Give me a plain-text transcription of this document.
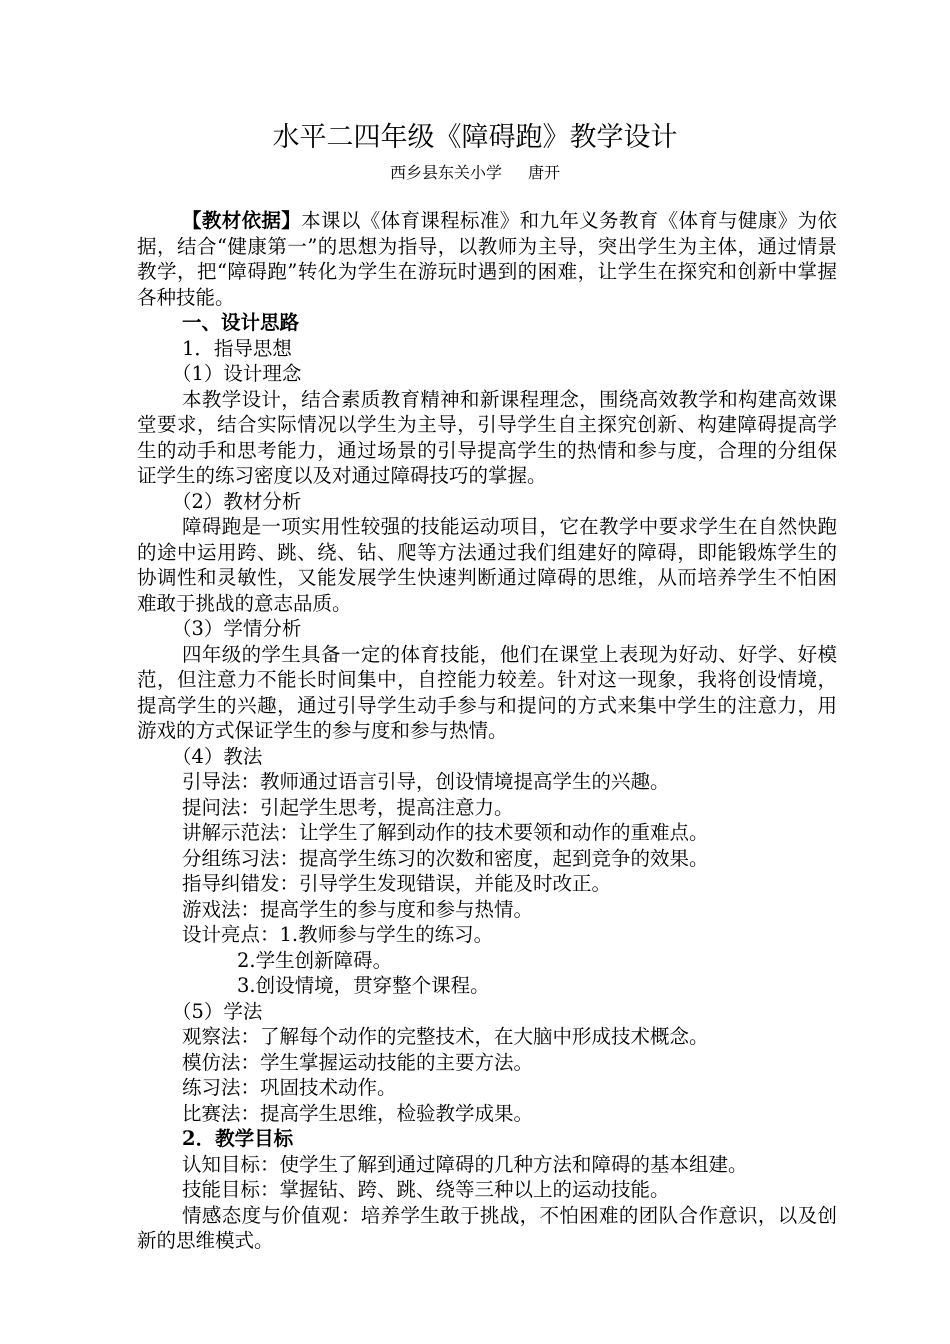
水平二四年级《障碍跑》教学设计
西乡县东关小学 唐开

【教材依据】本课以《体育课程标准》和九年义务教育《体育与健康》为依据，结合“健康第一”的思想为指导，以教师为主导，突出学生为主体，通过情景教学，把“障碍跑”转化为学生在游玩时遇到的困难，让学生在探究和创新中掌握各种技能。

一、设计思路

1．指导思想

（1）设计理念

本教学设计，结合素质教育精神和新课程理念，围绕高效教学和构建高效课堂要求，结合实际情况以学生为主导，引导学生自主探究创新、构建障碍提高学生的动手和思考能力，通过场景的引导提高学生的热情和参与度，合理的分组保证学生的练习密度以及对通过障碍技巧的掌握。

（2）教材分析

障碍跑是一项实用性较强的技能运动项目，它在教学中要求学生在自然快跑的途中运用跨、跳、绕、钻、爬等方法通过我们组建好的障碍，即能锻炼学生的协调性和灵敏性，又能发展学生快速判断通过障碍的思维，从而培养学生不怕困难敢于挑战的意志品质。

（3）学情分析

四年级的学生具备一定的体育技能，他们在课堂上表现为好动、好学、好模范，但注意力不能长时间集中，自控能力较差。针对这一现象，我将创设情境，提高学生的兴趣，通过引导学生动手参与和提问的方式来集中学生的注意力，用游戏的方式保证学生的参与度和参与热情。

（4）教法

引导法：教师通过语言引导，创设情境提高学生的兴趣。

提问法：引起学生思考，提高注意力。

讲解示范法：让学生了解到动作的技术要领和动作的重难点。

分组练习法：提高学生练习的次数和密度，起到竞争的效果。

指导纠错发：引导学生发现错误，并能及时改正。

游戏法：提高学生的参与度和参与热情。

设计亮点：1.教师参与学生的练习。

2.学生创新障碍。

3.创设情境，贯穿整个课程。

（5）学法

观察法：了解每个动作的完整技术，在大脑中形成技术概念。

模仿法：学生掌握运动技能的主要方法。

练习法：巩固技术动作。

比赛法：提高学生思维，检验教学成果。

2．教学目标

认知目标：使学生了解到通过障碍的几种方法和障碍的基本组建。

技能目标：掌握钻、跨、跳、绕等三种以上的运动技能。

情感态度与价值观：培养学生敢于挑战，不怕困难的团队合作意识，以及创新的思维模式。
